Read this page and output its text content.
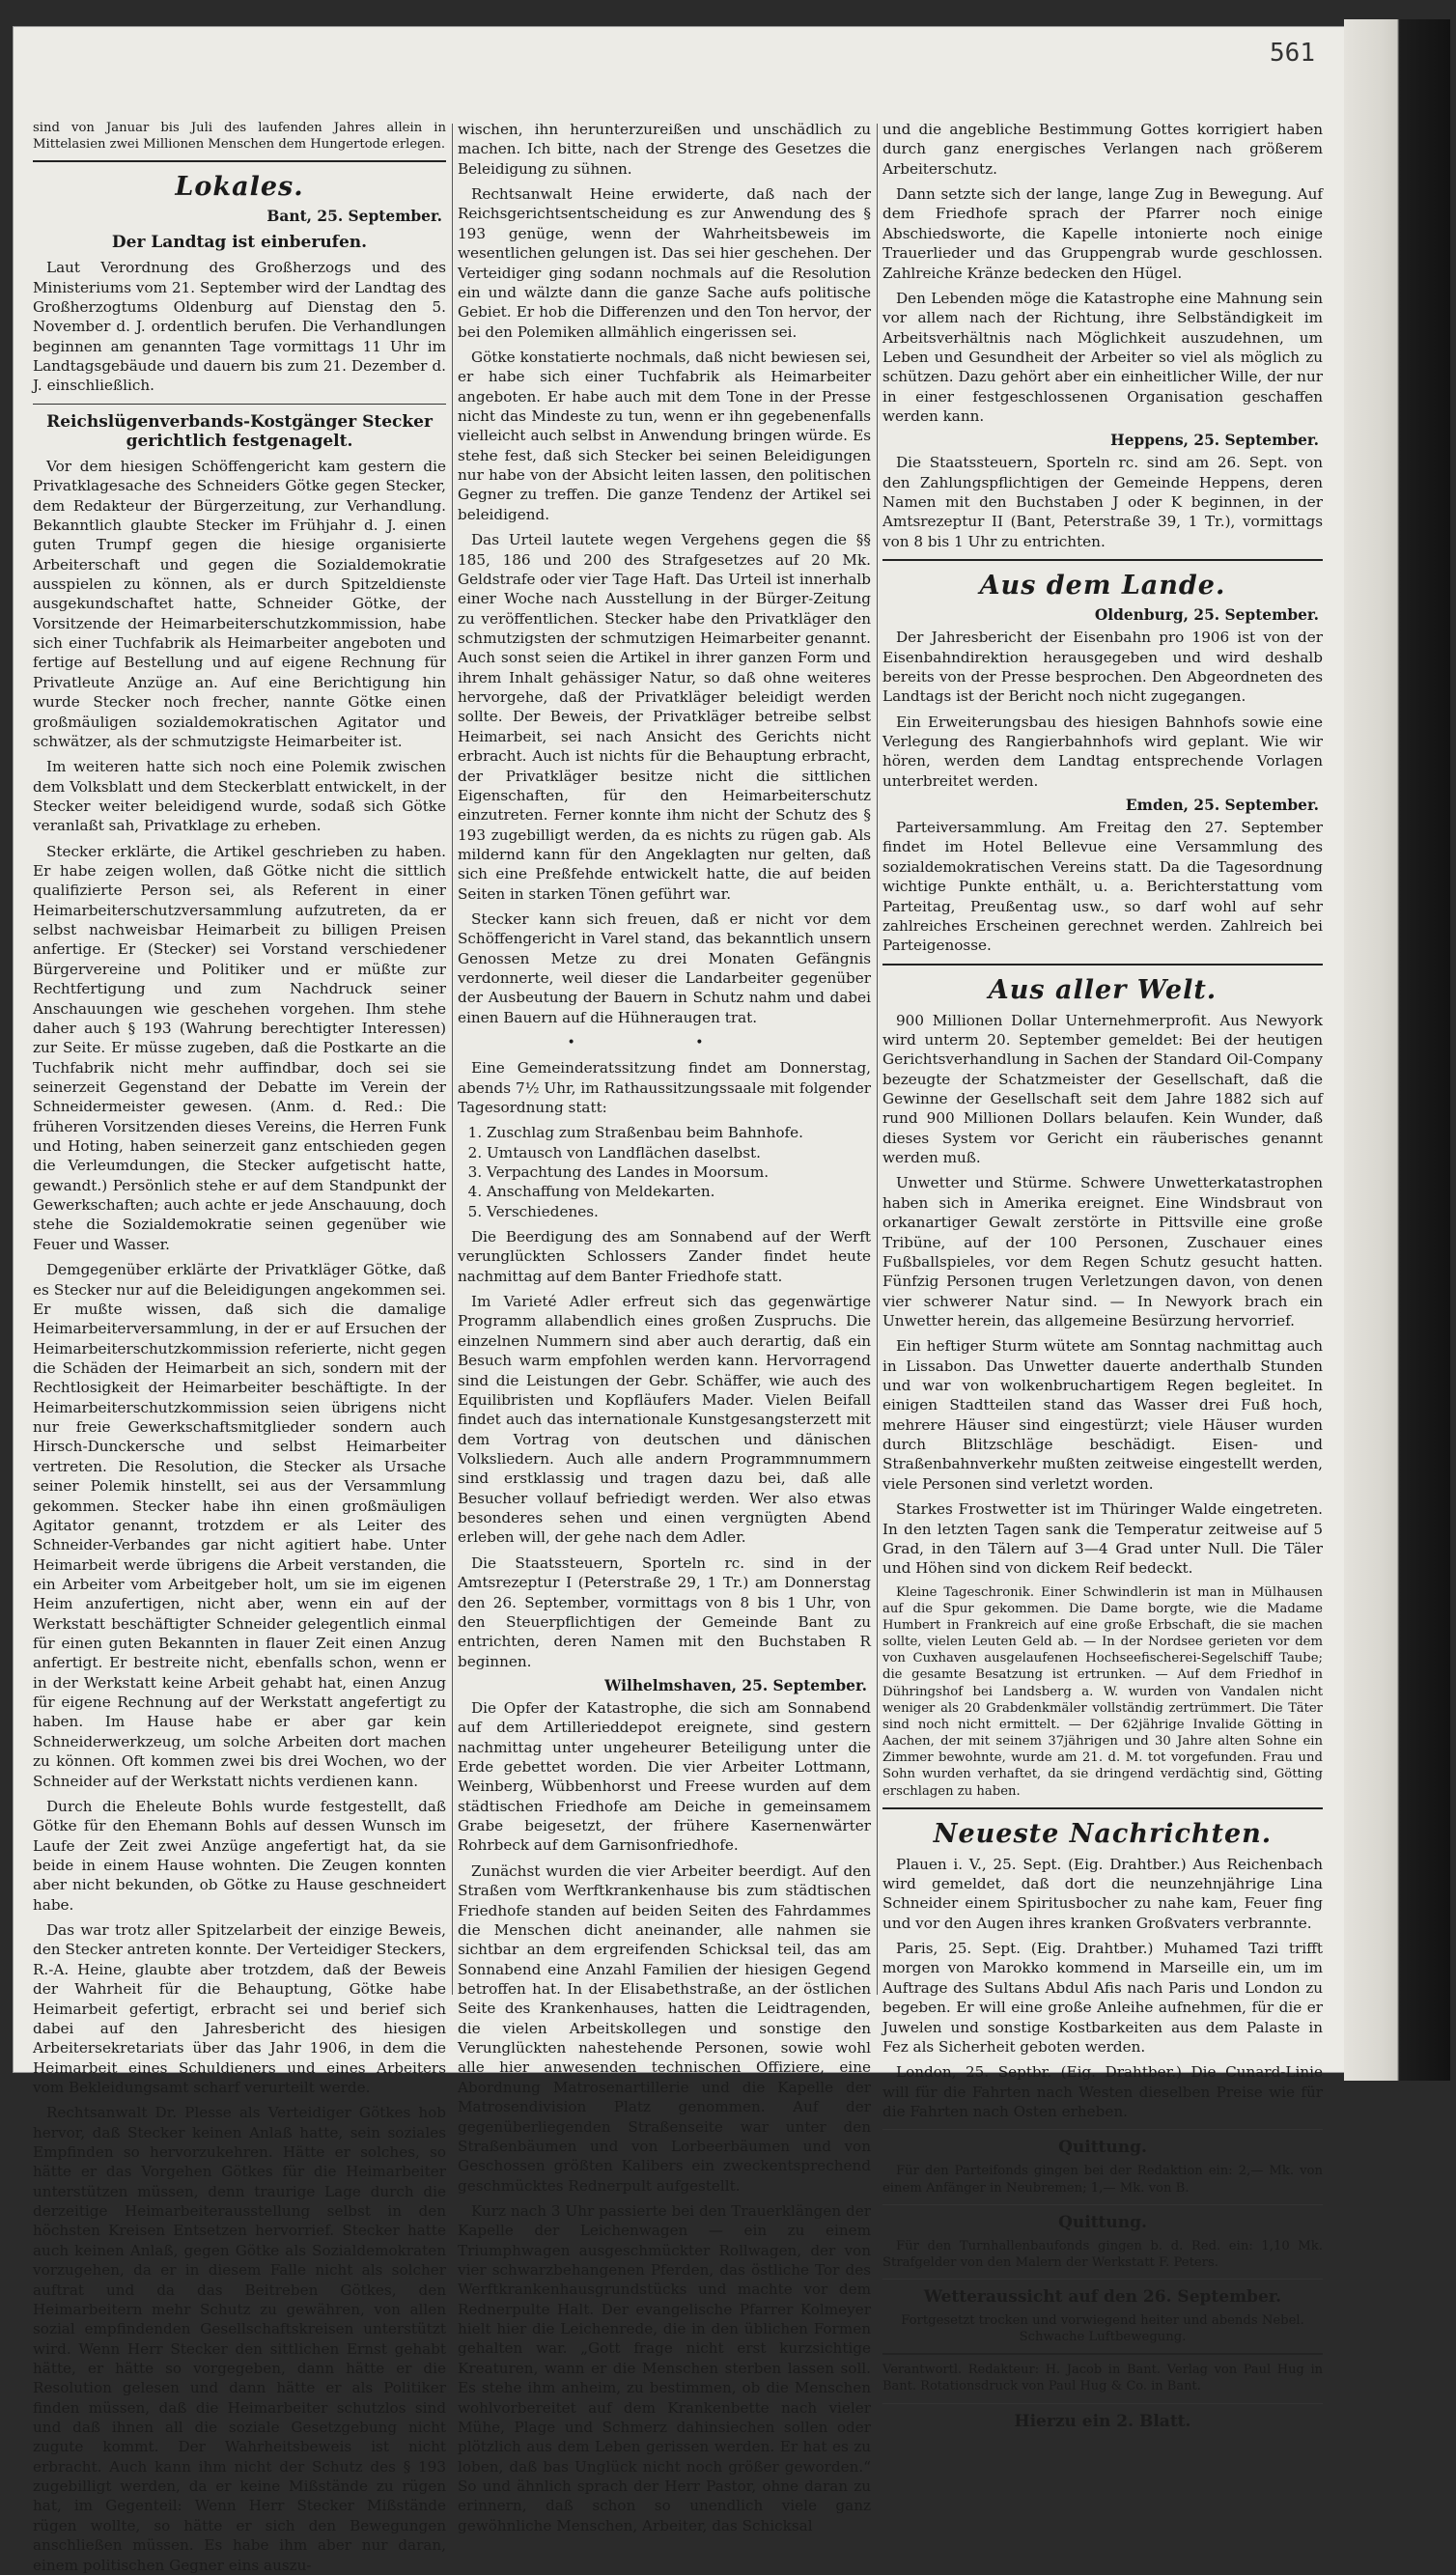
561

sind von Januar bis Juli des laufenden Jahres allein in Mittelasien zwei Millionen Menschen dem Hungertode erlegen.

Lokales.
Bant, 25. September.
Der Landtag ist einberufen.

Laut Verordnung des Großherzogs und des Ministeriums vom 21. September wird der Landtag des Großherzogtums Oldenburg auf Dienstag den 5. November d. J. ordentlich berufen. Die Verhandlungen beginnen am genannten Tage vormittags 11 Uhr im Landtagsgebäude und dauern bis zum 21. Dezember d. J. einschließlich.

Reichslügenverbands-Kostgänger Stecker gerichtlich festgenagelt.

Vor dem hiesigen Schöffengericht kam gestern die Privatklagesache des Schneiders Götke gegen Stecker, dem Redakteur der Bürgerzeitung, zur Verhandlung. Bekanntlich glaubte Stecker im Frühjahr d. J. einen guten Trumpf gegen die hiesige organisierte Arbeiterschaft und gegen die Sozialdemokratie ausspielen zu können, als er durch Spitzeldienste ausgekundschaftet hatte, Schneider Götke, der Vorsitzende der Heimarbeiterschutzkommission, habe sich einer Tuchfabrik als Heimarbeiter angeboten und fertige auf Bestellung und auf eigene Rechnung für Privatleute Anzüge an. Auf eine Berichtigung hin wurde Stecker noch frecher, nannte Götke einen großmäuligen sozialdemokratischen Agitator und schwätzer, als der schmutzigste Heimarbeiter ist.

Im weiteren hatte sich noch eine Polemik zwischen dem Volksblatt und dem Steckerblatt entwickelt, in der Stecker weiter beleidigend wurde, sodaß sich Götke veranlaßt sah, Privatklage zu erheben.

Stecker erklärte, die Artikel geschrieben zu haben. Er habe zeigen wollen, daß Götke nicht die sittlich qualifizierte Person sei, als Referent in einer Heimarbeiterschutzversammlung aufzutreten, da er selbst nachweisbar Heimarbeit zu billigen Preisen anfertige. Er (Stecker) sei Vorstand verschiedener Bürgervereine und Politiker und er müßte zur Rechtfertigung und zum Nachdruck seiner Anschauungen wie geschehen vorgehen. Ihm stehe daher auch § 193 (Wahrung berechtigter Interessen) zur Seite. Er müsse zugeben, daß die Postkarte an die Tuchfabrik nicht mehr auffindbar, doch sei sie seinerzeit Gegenstand der Debatte im Verein der Schneidermeister gewesen. (Anm. d. Red.: Die früheren Vorsitzenden dieses Vereins, die Herren Funk und Hoting, haben seinerzeit ganz entschieden gegen die Verleumdungen, die Stecker aufgetischt hatte, gewandt.) Persönlich stehe er auf dem Standpunkt der Gewerkschaften; auch achte er jede Anschauung, doch stehe die Sozialdemokratie seinen gegenüber wie Feuer und Wasser.

Demgegenüber erklärte der Privatkläger Götke, daß es Stecker nur auf die Beleidigungen angekommen sei. Er mußte wissen, daß sich die damalige Heimarbeiterversammlung, in der er auf Ersuchen der Heimarbeiterschutzkommission referierte, nicht gegen die Schäden der Heimarbeit an sich, sondern mit der Rechtlosigkeit der Heimarbeiter beschäftigte. In der Heimarbeiterschutzkommission seien übrigens nicht nur freie Gewerkschaftsmitglieder sondern auch Hirsch-Dunckersche und selbst Heimarbeiter vertreten. Die Resolution, die Stecker als Ursache seiner Polemik hinstellt, sei aus der Versammlung gekommen. Stecker habe ihn einen großmäuligen Agitator genannt, trotzdem er als Leiter des Schneider-Verbandes gar nicht agitiert habe. Unter Heimarbeit werde übrigens die Arbeit verstanden, die ein Arbeiter vom Arbeitgeber holt, um sie im eigenen Heim anzufertigen, nicht aber, wenn ein auf der Werkstatt beschäftigter Schneider gelegentlich einmal für einen guten Bekannten in flauer Zeit einen Anzug anfertigt. Er bestreite nicht, ebenfalls schon, wenn er in der Werkstatt keine Arbeit gehabt hat, einen Anzug für eigene Rechnung auf der Werkstatt angefertigt zu haben. Im Hause habe er aber gar kein Schneiderwerkzeug, um solche Arbeiten dort machen zu können. Oft kommen zwei bis drei Wochen, wo der Schneider auf der Werkstatt nichts verdienen kann.

Durch die Eheleute Bohls wurde festgestellt, daß Götke für den Ehemann Bohls auf dessen Wunsch im Laufe der Zeit zwei Anzüge angefertigt hat, da sie beide in einem Hause wohnten. Die Zeugen konnten aber nicht bekunden, ob Götke zu Hause geschneidert habe.

Das war trotz aller Spitzelarbeit der einzige Beweis, den Stecker antreten konnte. Der Verteidiger Steckers, R.-A. Heine, glaubte aber trotzdem, daß der Beweis der Wahrheit für die Behauptung, Götke habe Heimarbeit gefertigt, erbracht sei und berief sich dabei auf den Jahresbericht des hiesigen Arbeitersekretariats über das Jahr 1906, in dem die Heimarbeit eines Schuldieners und eines Arbeiters vom Bekleidungsamt scharf verurteilt werde.

Rechtsanwalt Dr. Plesse als Verteidiger Götkes hob hervor, daß Stecker keinen Anlaß hatte, sein soziales Empfinden so hervorzukehren. Hätte er solches, so hätte er das Vorgehen Götkes für die Heimarbeiter unterstützen müssen, denn traurige Lage durch die derzeitige Heimarbeiterausstellung selbst in den höchsten Kreisen Entsetzen hervorrief. Stecker hatte auch keinen Anlaß, gegen Götke als Sozialdemokraten vorzugehen, da er in diesem Falle nicht als solcher auftrat und da das Beitreben Götkes, den Heimarbeitern mehr Schutz zu gewähren, von allen sozial empfindenden Gesellschaftskreisen unterstützt wird. Wenn Herr Stecker den sittlichen Ernst gehabt hätte, er hätte so vorgegeben, dann hätte er die Resolution gelesen und dann hätte er als Politiker finden müssen, daß die Heimarbeiter schutzlos sind und daß ihnen all die soziale Gesetzgebung nicht zugute kommt. Der Wahrheitsbeweis ist nicht erbracht. Auch kann ihm nicht der Schutz des § 193 zugebilligt werden, da er keine Mißstände zu rügen hat, im Gegenteil: Wenn Herr Stecker Mißstände rügen wollte, so hätte er sich den Bewegungen anschließen müssen. Es habe ihm aber nur daran, einem politischen Gegner eins auszu-

wischen, ihn herunterzureißen und unschädlich zu machen. Ich bitte, nach der Strenge des Gesetzes die Beleidigung zu sühnen.

Rechtsanwalt Heine erwiderte, daß nach der Reichsgerichtsentscheidung es zur Anwendung des § 193 genüge, wenn der Wahrheitsbeweis im wesentlichen gelungen ist. Das sei hier geschehen. Der Verteidiger ging sodann nochmals auf die Resolution ein und wälzte dann die ganze Sache aufs politische Gebiet. Er hob die Differenzen und den Ton hervor, der bei den Polemiken allmählich eingerissen sei.

Götke konstatierte nochmals, daß nicht bewiesen sei, er habe sich einer Tuchfabrik als Heimarbeiter angeboten. Er habe auch mit dem Tone in der Presse nicht das Mindeste zu tun, wenn er ihn gegebenenfalls vielleicht auch selbst in Anwendung bringen würde. Es stehe fest, daß sich Stecker bei seinen Beleidigungen nur habe von der Absicht leiten lassen, den politischen Gegner zu treffen. Die ganze Tendenz der Artikel sei beleidigend.

Das Urteil lautete wegen Vergehens gegen die §§ 185, 186 und 200 des Strafgesetzes auf 20 Mk. Geldstrafe oder vier Tage Haft. Das Urteil ist innerhalb einer Woche nach Ausstellung in der Bürger-Zeitung zu veröffentlichen. Stecker habe den Privatkläger den schmutzigsten der schmutzigen Heimarbeiter genannt. Auch sonst seien die Artikel in ihrer ganzen Form und ihrem Inhalt gehässiger Natur, so daß ohne weiteres hervorgehe, daß der Privatkläger beleidigt werden sollte. Der Beweis, der Privatkläger betreibe selbst Heimarbeit, sei nach Ansicht des Gerichts nicht erbracht. Auch ist nichts für die Behauptung erbracht, der Privatkläger besitze nicht die sittlichen Eigenschaften, für den Heimarbeiterschutz einzutreten. Ferner konnte ihm nicht der Schutz des § 193 zugebilligt werden, da es nichts zu rügen gab. Als mildernd kann für den Angeklagten nur gelten, daß sich eine Preßfehde entwickelt hatte, die auf beiden Seiten in starken Tönen geführt war.

Stecker kann sich freuen, daß er nicht vor dem Schöffengericht in Varel stand, das bekanntlich unsern Genossen Metze zu drei Monaten Gefängnis verdonnerte, weil dieser die Landarbeiter gegenüber der Ausbeutung der Bauern in Schutz nahm und dabei einen Bauern auf die Hühneraugen trat.

• •

Eine Gemeinderatssitzung findet am Donnerstag, abends 7½ Uhr, im Rathaussitzungssaale mit folgender Tagesordnung statt:

1. Zuschlag zum Straßenbau beim Bahnhofe.
2. Umtausch von Landflächen daselbst.
3. Verpachtung des Landes in Moorsum.
4. Anschaffung von Meldekarten.
5. Verschiedenes.

Die Beerdigung des am Sonnabend auf der Werft verunglückten Schlossers Zander findet heute nachmittag auf dem Banter Friedhofe statt.

Im Varieté Adler erfreut sich das gegenwärtige Programm allabendlich eines großen Zuspruchs. Die einzelnen Nummern sind aber auch derartig, daß ein Besuch warm empfohlen werden kann. Hervorragend sind die Leistungen der Gebr. Schäffer, wie auch des Equilibristen und Kopfläufers Mader. Vielen Beifall findet auch das internationale Kunstgesangsterzett mit dem Vortrag von deutschen und dänischen Volksliedern. Auch alle andern Programmnummern sind erstklassig und tragen dazu bei, daß alle Besucher vollauf befriedigt werden. Wer also etwas besonderes sehen und einen vergnügten Abend erleben will, der gehe nach dem Adler.

Die Staatssteuern, Sporteln rc. sind in der Amtsrezeptur I (Peterstraße 29, 1 Tr.) am Donnerstag den 26. September, vormittags von 8 bis 1 Uhr, von den Steuerpflichtigen der Gemeinde Bant zu entrichten, deren Namen mit den Buchstaben R beginnen.

Wilhelmshaven, 25. September.

Die Opfer der Katastrophe, die sich am Sonnabend auf dem Artillerieddepot ereignete, sind gestern nachmittag unter ungeheurer Beteiligung unter die Erde gebettet worden. Die vier Arbeiter Lottmann, Weinberg, Wübbenhorst und Freese wurden auf dem städtischen Friedhofe am Deiche in gemeinsamem Grabe beigesetzt, der frühere Kasernenwärter Rohrbeck auf dem Garnisonfriedhofe.

Zunächst wurden die vier Arbeiter beerdigt. Auf den Straßen vom Werftkrankenhause bis zum städtischen Friedhofe standen auf beiden Seiten des Fahrdammes die Menschen dicht aneinander, alle nahmen sie sichtbar an dem ergreifenden Schicksal teil, das am Sonnabend eine Anzahl Familien der hiesigen Gegend betroffen hat. In der Elisabethstraße, an der östlichen Seite des Krankenhauses, hatten die Leidtragenden, die vielen Arbeitskollegen und sonstige den Verunglückten nahestehende Personen, sowie wohl alle hier anwesenden technischen Offiziere, eine Abordnung Matrosenartillerie und die Kapelle der Matrosendivision Platz genommen. Auf der gegenüberliegenden Straßenseite war unter den Straßenbäumen und von Lorbeerbäumen und von Geschossen größten Kalibers ein zweckentsprechend geschmücktes Rednerpult aufgestellt.

Kurz nach 3 Uhr passierte bei den Trauerklängen der Kapelle der Leichenwagen — ein zu einem Triumphwagen ausgeschmückter Rollwagen, der von vier schwarzbehangenen Pferden, das östliche Tor des Werftkrankenhausgrundstücks und machte vor dem Rednerpulte Halt. Der evangelische Pfarrer Kolmeyer hielt hier die Leichenrede, die in den üblichen Formen gehalten war. „Gott frage nicht erst kurzsichtige Kreaturen, wann er die Menschen sterben lassen soll. Es stehe ihm anheim, zu bestimmen, ob die Menschen wohlvorbereitet auf dem Krankenbette nach vieler Mühe, Plage und Schmerz dahinsiechen sollen oder plötzlich aus dem Leben gerissen werden. Er hat es zu loben, daß bas Unglück nicht noch größer geworden.“ So und ähnlich sprach der Herr Pastor, ohne daran zu erinnern, daß schon so unendlich viele ganz gewöhnliche Menschen, Arbeiter, das Schicksal

und die angebliche Bestimmung Gottes korrigiert haben durch ganz energisches Verlangen nach größerem Arbeiterschutz.

Dann setzte sich der lange, lange Zug in Bewegung. Auf dem Friedhofe sprach der Pfarrer noch einige Abschiedsworte, die Kapelle intonierte noch einige Trauerlieder und das Gruppengrab wurde geschlossen. Zahlreiche Kränze bedecken den Hügel.

Den Lebenden möge die Katastrophe eine Mahnung sein vor allem nach der Richtung, ihre Selbständigkeit im Arbeitsverhältnis nach Möglichkeit auszudehnen, um Leben und Gesundheit der Arbeiter so viel als möglich zu schützen. Dazu gehört aber ein einheitlicher Wille, der nur in einer festgeschlossenen Organisation geschaffen werden kann.

Heppens, 25. September.

Die Staatssteuern, Sporteln rc. sind am 26. Sept. von den Zahlungspflichtigen der Gemeinde Heppens, deren Namen mit den Buchstaben J oder K beginnen, in der Amtsrezeptur II (Bant, Peterstraße 39, 1 Tr.), vormittags von 8 bis 1 Uhr zu entrichten.

Aus dem Lande.
Oldenburg, 25. September.

Der Jahresbericht der Eisenbahn pro 1906 ist von der Eisenbahndirektion herausgegeben und wird deshalb bereits von der Presse besprochen. Den Abgeordneten des Landtags ist der Bericht noch nicht zugegangen.

Ein Erweiterungsbau des hiesigen Bahnhofs sowie eine Verlegung des Rangierbahnhofs wird geplant. Wie wir hören, werden dem Landtag entsprechende Vorlagen unterbreitet werden.

Emden, 25. September.

Parteiversammlung. Am Freitag den 27. September findet im Hotel Bellevue eine Versammlung des sozialdemokratischen Vereins statt. Da die Tagesordnung wichtige Punkte enthält, u. a. Berichterstattung vom Parteitag, Preußentag usw., so darf wohl auf sehr zahlreiches Erscheinen gerechnet werden. Zahlreich bei Parteigenosse.

Aus aller Welt.

900 Millionen Dollar Unternehmerprofit. Aus Newyork wird unterm 20. September gemeldet: Bei der heutigen Gerichtsverhandlung in Sachen der Standard Oil-Company bezeugte der Schatzmeister der Gesellschaft, daß die Gewinne der Gesellschaft seit dem Jahre 1882 sich auf rund 900 Millionen Dollars belaufen. Kein Wunder, daß dieses System vor Gericht ein räuberisches genannt werden muß.

Unwetter und Stürme. Schwere Unwetterkatastrophen haben sich in Amerika ereignet. Eine Windsbraut von orkanartiger Gewalt zerstörte in Pittsville eine große Tribüne, auf der 100 Personen, Zuschauer eines Fußballspieles, vor dem Regen Schutz gesucht hatten. Fünfzig Personen trugen Verletzungen davon, von denen vier schwerer Natur sind. — In Newyork brach ein Unwetter herein, das allgemeine Besürzung hervorrief.

Ein heftiger Sturm wütete am Sonntag nachmittag auch in Lissabon. Das Unwetter dauerte anderthalb Stunden und war von wolkenbruchartigem Regen begleitet. In einigen Stadtteilen stand das Wasser drei Fuß hoch, mehrere Häuser sind eingestürzt; viele Häuser wurden durch Blitzschläge beschädigt. Eisen- und Straßenbahnverkehr mußten zeitweise eingestellt werden, viele Personen sind verletzt worden.

Starkes Frostwetter ist im Thüringer Walde eingetreten. In den letzten Tagen sank die Temperatur zeitweise auf 5 Grad, in den Tälern auf 3—4 Grad unter Null. Die Täler und Höhen sind von dickem Reif bedeckt.

Kleine Tageschronik. Einer Schwindlerin ist man in Mülhausen auf die Spur gekommen. Die Dame borgte, wie die Madame Humbert in Frankreich auf eine große Erbschaft, die sie machen sollte, vielen Leuten Geld ab. — In der Nordsee gerieten vor dem von Cuxhaven ausgelaufenen Hochseefischerei-Segelschiff Taube; die gesamte Besatzung ist ertrunken. — Auf dem Friedhof in Dühringshof bei Landsberg a. W. wurden von Vandalen nicht weniger als 20 Grabdenkmäler vollständig zertrümmert. Die Täter sind noch nicht ermittelt. — Der 62jährige Invalide Götting in Aachen, der mit seinem 37jährigen und 30 Jahre alten Sohne ein Zimmer bewohnte, wurde am 21. d. M. tot vorgefunden. Frau und Sohn wurden verhaftet, da sie dringend verdächtig sind, Götting erschlagen zu haben.

Neueste Nachrichten.

Plauen i. V., 25. Sept. (Eig. Drahtber.) Aus Reichenbach wird gemeldet, daß dort die neunzehnjährige Lina Schneider einem Spiritusbocher zu nahe kam, Feuer fing und vor den Augen ihres kranken Großvaters verbrannte.

Paris, 25. Sept. (Eig. Drahtber.) Muhamed Tazi trifft morgen von Marokko kommend in Marseille ein, um im Auftrage des Sultans Abdul Afis nach Paris und London zu begeben. Er will eine große Anleihe aufnehmen, für die er Juwelen und sonstige Kostbarkeiten aus dem Palaste in Fez als Sicherheit geboten werden.

London, 25. Septbr. (Eig. Drahtber.) Die Cunard-Linie will für die Fahrten nach Westen dieselben Preise wie für die Fahrten nach Osten erheben.

Quittung.

Für den Parteifonds gingen bei der Redaktion ein: 2,— Mk. von einem Anfänger in Neubremen; 1,— Mk. von B.

Quittung.

Für den Turnhallenbaufonds gingen b. d. Red. ein: 1,10 Mk. Strafgelder von den Malern der Werkstatt F. Peters.

Wetteraussicht auf den 26. September.

Fortgesetzt trocken und vorwiegend heiter und abends Nebel. Schwache Luftbewegung.

Verantwortl. Redakteur: H. Jacob in Bant. Verlag von Paul Hug in Bant. Rotationsdruck von Paul Hug & Co. in Bant.

Hierzu ein 2. Blatt.
